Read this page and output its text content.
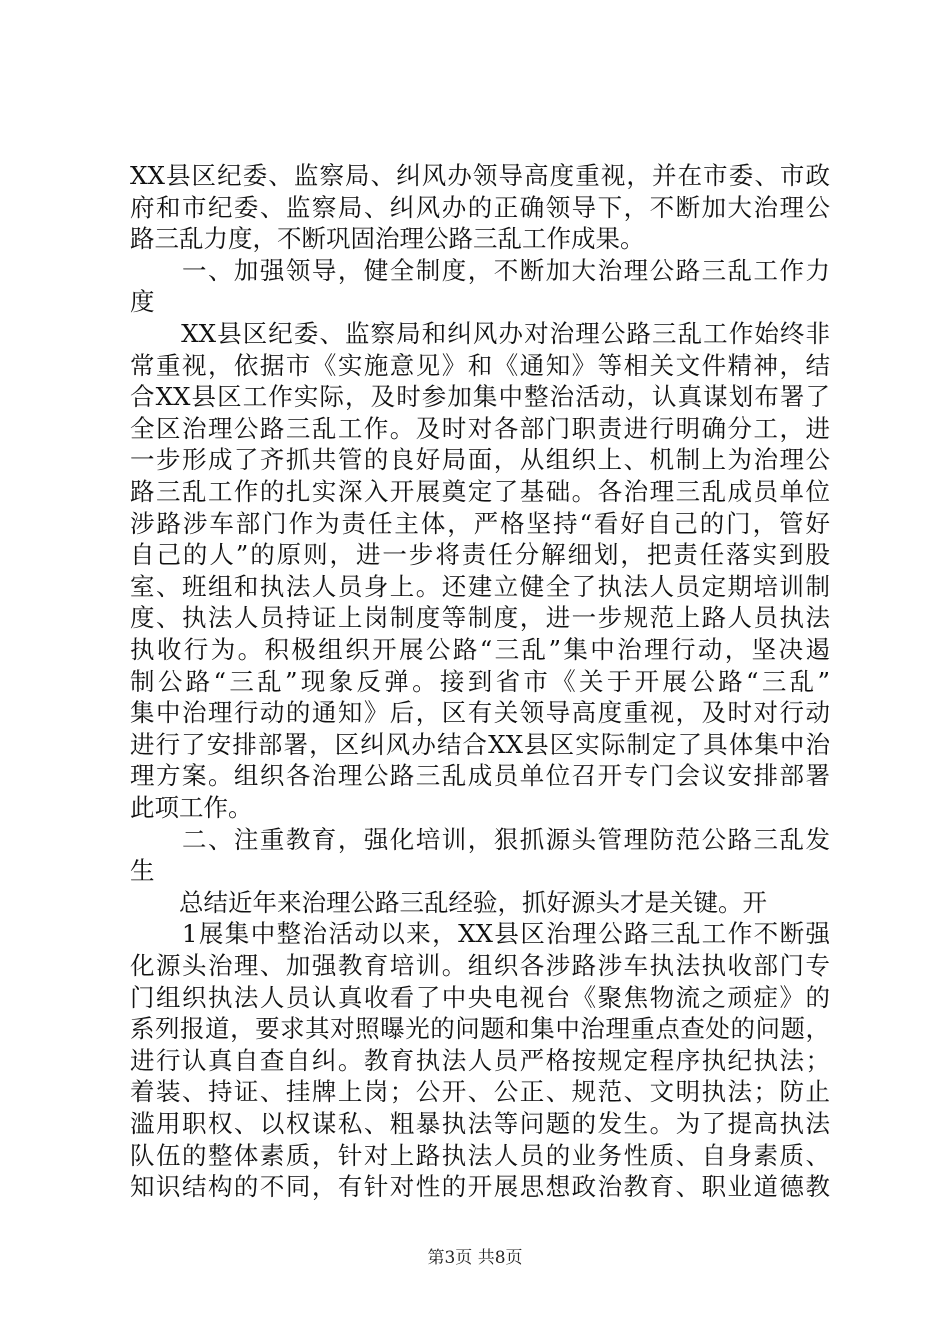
XX县区纪委、监察局、纠风办领导高度重视，并在市委、市政
府和市纪委、监察局、纠风办的正确领导下，不断加大治理公
路三乱力度，不断巩固治理公路三乱工作成果。
　　一、加强领导，健全制度，不断加大治理公路三乱工作力
度
　　XX县区纪委、监察局和纠风办对治理公路三乱工作始终非
常重视，依据市《实施意见》和《通知》等相关文件精神，结
合XX县区工作实际，及时参加集中整治活动，认真谋划布署了
全区治理公路三乱工作。及时对各部门职责进行明确分工，进
一步形成了齐抓共管的良好局面，从组织上、机制上为治理公
路三乱工作的扎实深入开展奠定了基础。各治理三乱成员单位
涉路涉车部门作为责任主体，严格坚持“看好自己的门，管好
自己的人”的原则，进一步将责任分解细划，把责任落实到股
室、班组和执法人员身上。还建立健全了执法人员定期培训制
度、执法人员持证上岗制度等制度，进一步规范上路人员执法
执收行为。积极组织开展公路“三乱”集中治理行动，坚决遏
制公路“三乱”现象反弹。接到省市《关于开展公路“三乱”
集中治理行动的通知》后，区有关领导高度重视，及时对行动
进行了安排部署，区纠风办结合XX县区实际制定了具体集中治
理方案。组织各治理公路三乱成员单位召开专门会议安排部署
此项工作。
　　二、注重教育，强化培训，狠抓源头管理防范公路三乱发
生
　　总结近年来治理公路三乱经验，抓好源头才是关键。开
　　1展集中整治活动以来，XX县区治理公路三乱工作不断强
化源头治理、加强教育培训。组织各涉路涉车执法执收部门专
门组织执法人员认真收看了中央电视台《聚焦物流之顽症》的
系列报道，要求其对照曝光的问题和集中治理重点查处的问题，
进行认真自查自纠。教育执法人员严格按规定程序执纪执法；
着装、持证、挂牌上岗；公开、公正、规范、文明执法；防止
滥用职权、以权谋私、粗暴执法等问题的发生。为了提高执法
队伍的整体素质，针对上路执法人员的业务性质、自身素质、
知识结构的不同，有针对性的开展思想政治教育、职业道德教
第3页 共8页
